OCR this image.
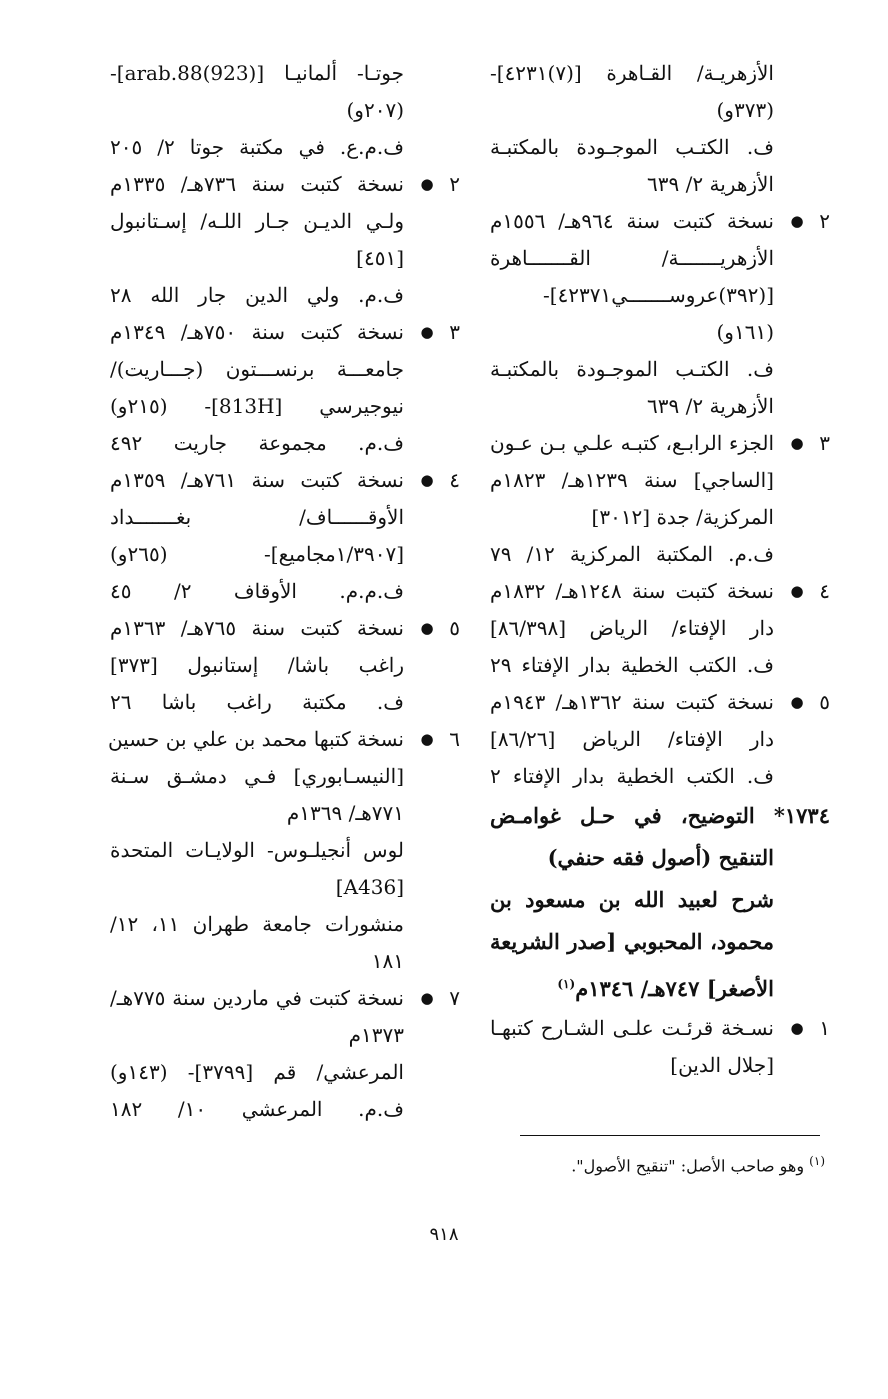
الأزهريـة/ القـاهرة [(٧)٤٢٣١]-
(٣٧٣و)
ف. الكتـب الموجـودة بالمكتبـة
الأزهرية ٢/ ٦٣٩
٢
●
نسخة كتبت سنة ٩٦٤هـ/ ١٥٥٦م
الأزهريـــــــة/ القـــــــاهرة
[(٣٩٢)عروســـــــي٤٢٣٧١]-
(١٦١و)
ف. الكتـب الموجـودة بالمكتبـة
الأزهرية ٢/ ٦٣٩
٣
●
الجزء الرابـع، كتبـه علـي بـن عـون
[الساجي] سنة ١٢٣٩هـ/ ١٨٢٣م
المركزية/ جدة [٣٠١٢]
ف.م. المكتبة المركزية ١٢/ ٧٩
٤
●
نسخة كتبت سنة ١٢٤٨هـ/ ١٨٣٢م
دار الإفتاء/ الرياض [٨٦/٣٩٨]
ف. الكتب الخطية بدار الإفتاء ٢٩
٥
●
نسخة كتبت سنة ١٣٦٢هـ/ ١٩٤٣م
دار الإفتاء/ الرياض [٨٦/٢٦]
ف. الكتب الخطية بدار الإفتاء ٢
١٧٣٤* التوضيح، في حـل غوامـض
التنقيح (أصول فقه حنفي)
شرح لعبيد الله بن مسعود بن
محمود، المحبوبي [صدر الشريعة
الأصغر] ٧٤٧هـ/ ١٣٤٦م$^{(١)}$
١
●
نسـخة قرئـت علـى الشـارح كتبهـا
[جلال الدين]
جوتـا- ألمانيـا [arab.88(923)]-
(٢٠٧و)
ف.م.ع. في مكتبة جوتا ٢/ ٢٠٥
٢
●
نسخة كتبت سنة ٧٣٦هـ/ ١٣٣٥م
ولـي الديـن جـار اللـه/ إسـتانبول
[٤٥١]
ف.م. ولي الدين جار الله ٢٨
٣
●
نسخة كتبت سنة ٧٥٠هـ/ ١٣٤٩م
جامعـــة برنســـتون (جـــاريت)/
نيوجيرسي [813H]- (٢١٥و)
ف.م. مجموعة جاريت ٤٩٢
٤
●
نسخة كتبت سنة ٧٦١هـ/ ١٣٥٩م
الأوقــــــاف/ بغـــــــداد
[١/٣٩٠٧مجاميع]- (٢٦٥و)
ف.م.م. الأوقاف ٢/ ٤٥
٥
●
نسخة كتبت سنة ٧٦٥هـ/ ١٣٦٣م
راغب باشا/ إستانبول [٣٧٣]
ف. مكتبة راغب باشا ٢٦
٦
●
نسخة كتبها محمد بن علي بن حسين
[النيسـابوري] فـي دمشـق سـنة
٧٧١هـ/ ١٣٦٩م
لوس أنجيلـوس- الولايـات المتحدة
[A436]
منشورات جامعة طهران ١١، ١٢/
١٨١
٧
●
نسخة كتبت في ماردين سنة ٧٧٥هـ/
١٣٧٣م
المرعشي/ قم [٣٧٩٩]- (١٤٣و)
ف.م. المرعشي ١٠/ ١٨٢
$^{(١)}$ وهو صاحب الأصل: "تنقيح الأصول".
٩١٨
